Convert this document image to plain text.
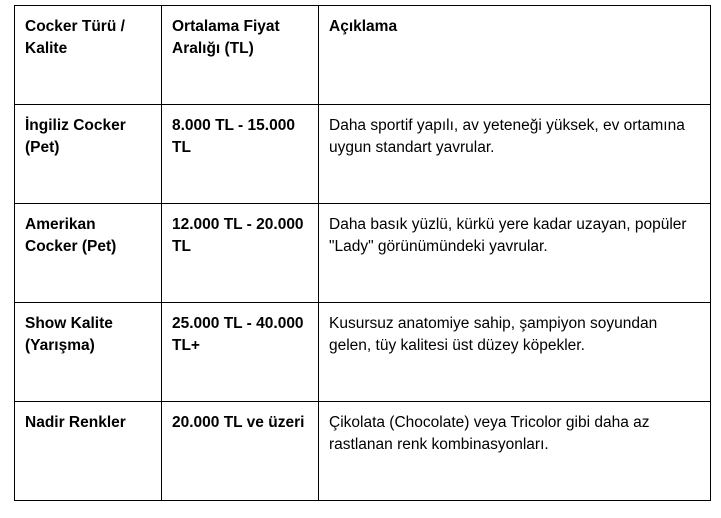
Cocker Türü / Kalite	Ortalama Fiyat Aralığı (TL)	Açıklama
İngiliz Cocker (Pet)	8.000 TL - 15.000 TL	Daha sportif yapılı, av yeteneği yüksek, ev ortamına uygun standart yavrular.
Amerikan Cocker (Pet)	12.000 TL - 20.000 TL	Daha basık yüzlü, kürkü yere kadar uzayan, popüler "Lady" görünümündeki yavrular.
Show Kalite (Yarışma)	25.000 TL - 40.000 TL+	Kusursuz anatomiye sahip, şampiyon soyundan gelen, tüy kalitesi üst düzey köpekler.
Nadir Renkler	20.000 TL ve üzeri	Çikolata (Chocolate) veya Tricolor gibi daha az rastlanan renk kombinasyonları.
